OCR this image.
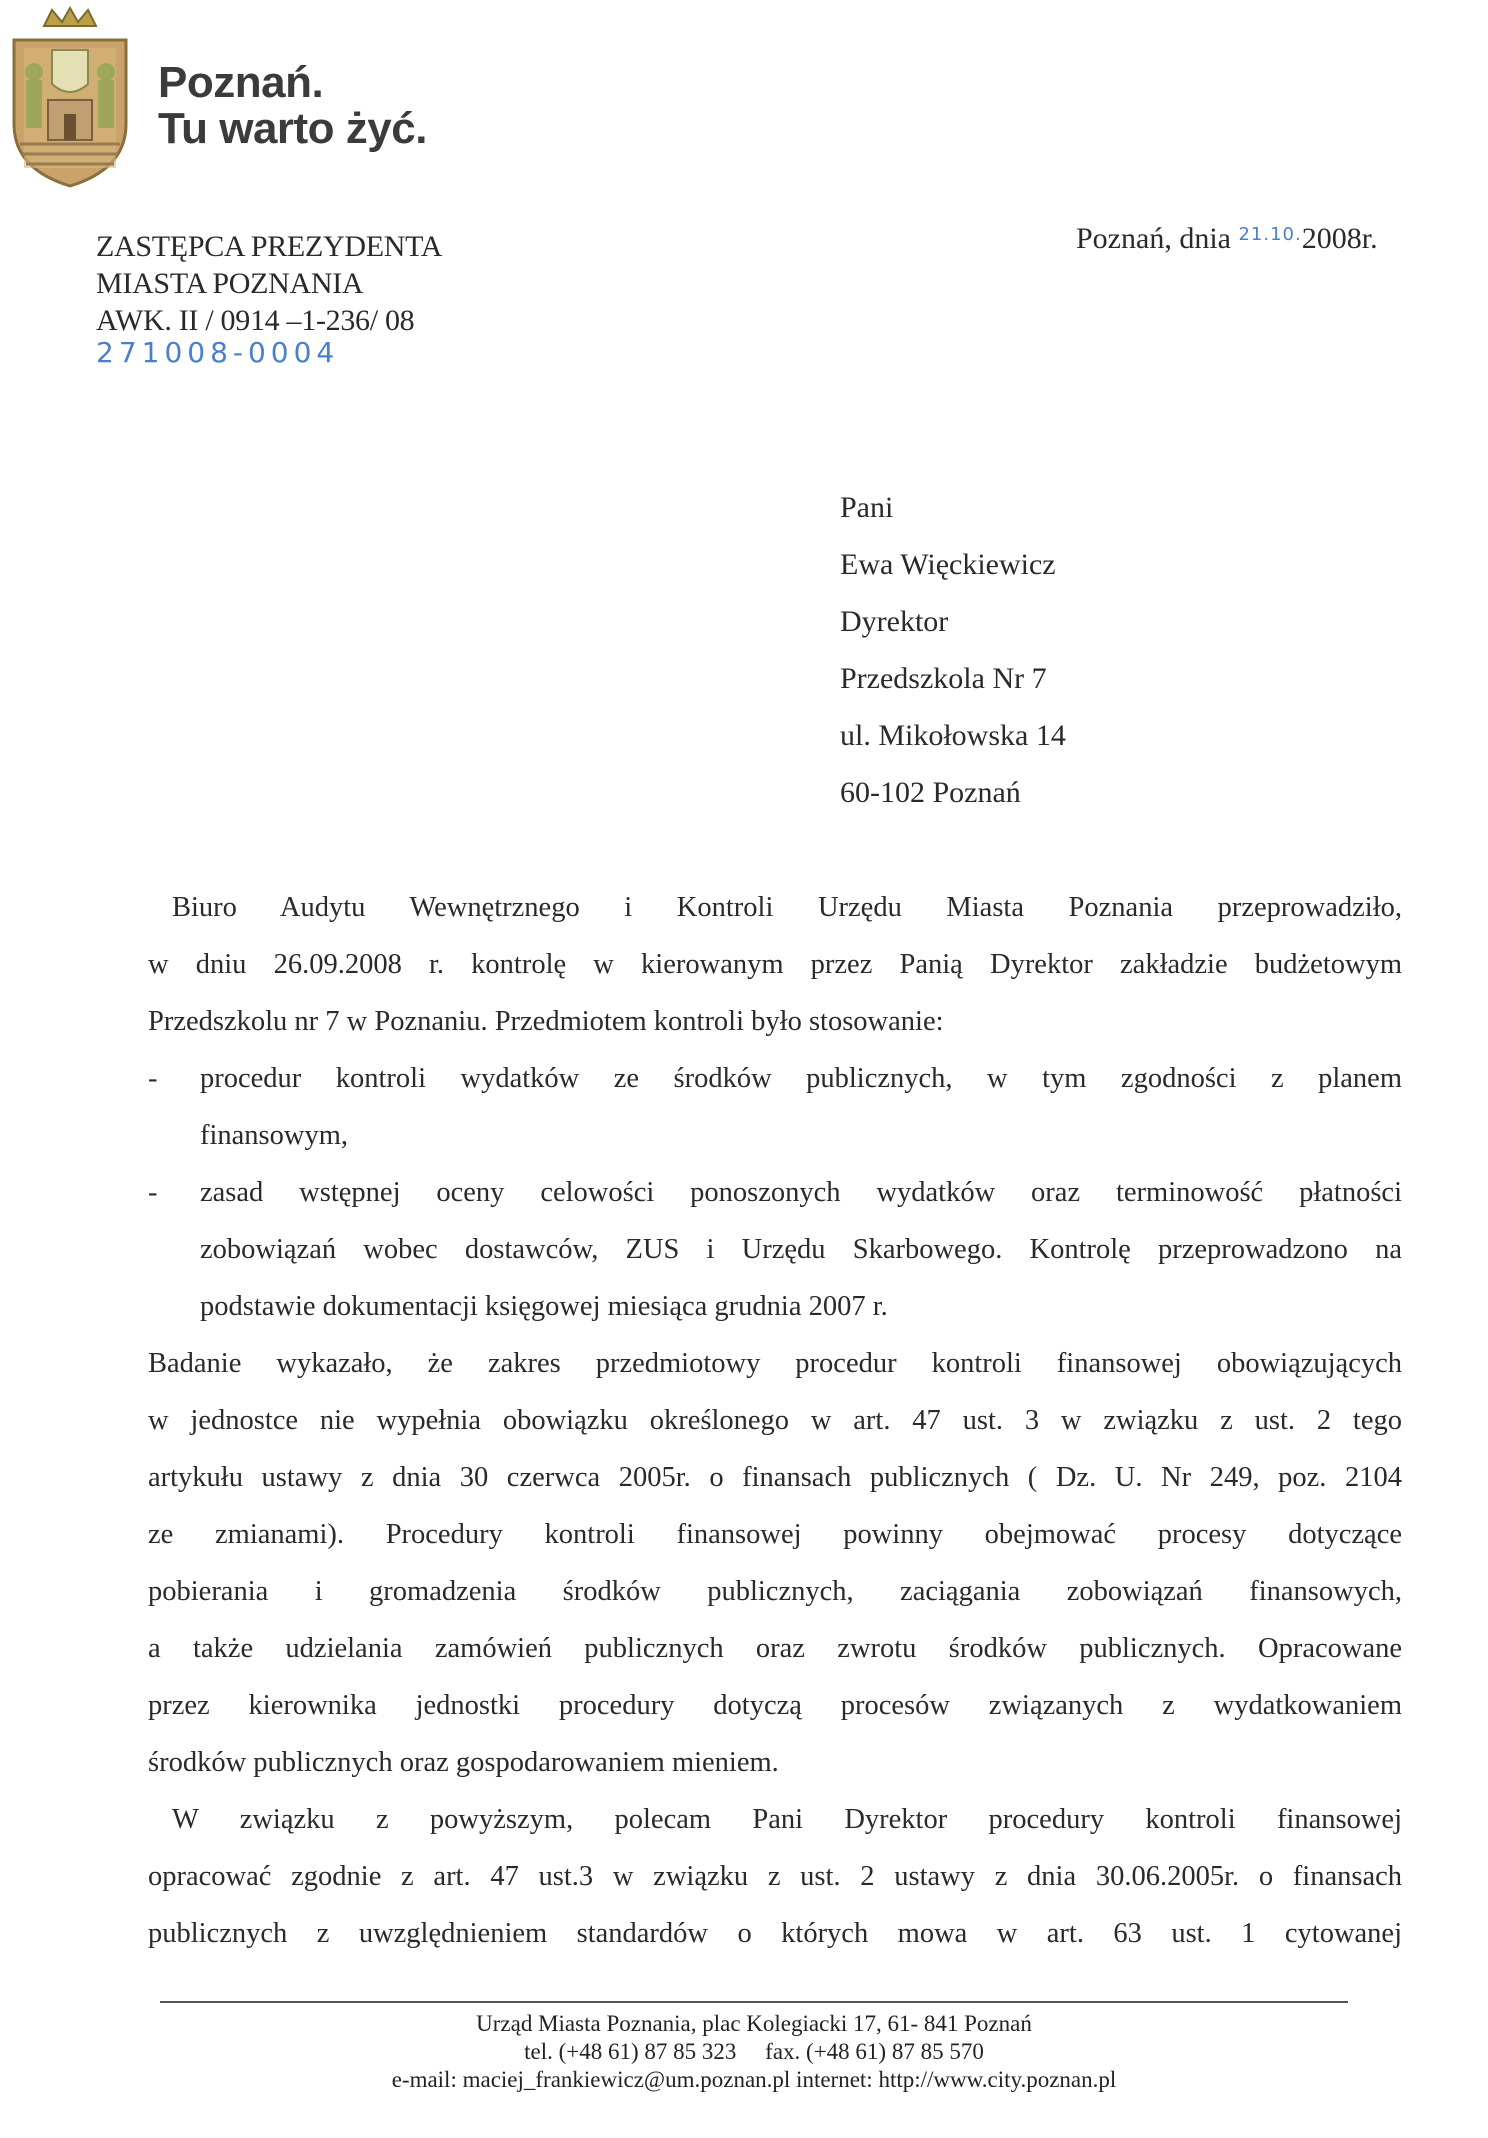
Poznań.
Tu warto żyć.
ZASTĘPCA PREZYDENTA
MIASTA POZNANIA
AWK. II / 0914 –1-236/ 08
271008-0004
Poznań, dnia $^{21.10.}$2008r.
Pani
Ewa Więckiewicz
Dyrektor
Przedszkola Nr 7
ul. Mikołowska 14
60-102 Poznań
Biuro Audytu Wewnętrznego i Kontroli Urzędu Miasta Poznania przeprowadziło,
w dniu 26.09.2008 r. kontrolę w kierowanym przez Panią Dyrektor zakładzie budżetowym
Przedszkolu nr 7 w Poznaniu. Przedmiotem kontroli było stosowanie:
- procedur kontroli wydatków ze środków publicznych, w tym zgodności z planem
finansowym,
- zasad wstępnej oceny celowości ponoszonych wydatków oraz terminowość płatności
zobowiązań wobec dostawców, ZUS i Urzędu Skarbowego. Kontrolę przeprowadzono na
podstawie dokumentacji księgowej miesiąca grudnia 2007 r.
Badanie wykazało, że zakres przedmiotowy procedur kontroli finansowej obowiązujących
w jednostce nie wypełnia obowiązku określonego w art. 47 ust. 3 w związku z ust. 2 tego
artykułu ustawy z dnia 30 czerwca 2005r. o finansach publicznych ( Dz. U. Nr 249, poz. 2104
ze zmianami). Procedury kontroli finansowej powinny obejmować procesy dotyczące
pobierania i gromadzenia środków publicznych, zaciągania zobowiązań finansowych,
a także udzielania zamówień publicznych oraz zwrotu środków publicznych. Opracowane
przez kierownika jednostki procedury dotyczą procesów związanych z wydatkowaniem
środków publicznych oraz gospodarowaniem mieniem.
W związku z powyższym, polecam Pani Dyrektor procedury kontroli finansowej
opracować zgodnie z art. 47 ust.3 w związku z ust. 2 ustawy z dnia 30.06.2005r. o finansach
publicznych z uwzględnieniem standardów o których mowa w art. 63 ust. 1 cytowanej
Urząd Miasta Poznania, plac Kolegiacki 17, 61- 841 Poznań
tel. (+48 61) 87 85 323     fax. (+48 61) 87 85 570
e-mail: maciej_frankiewicz@um.poznan.pl internet: http://www.city.poznan.pl
